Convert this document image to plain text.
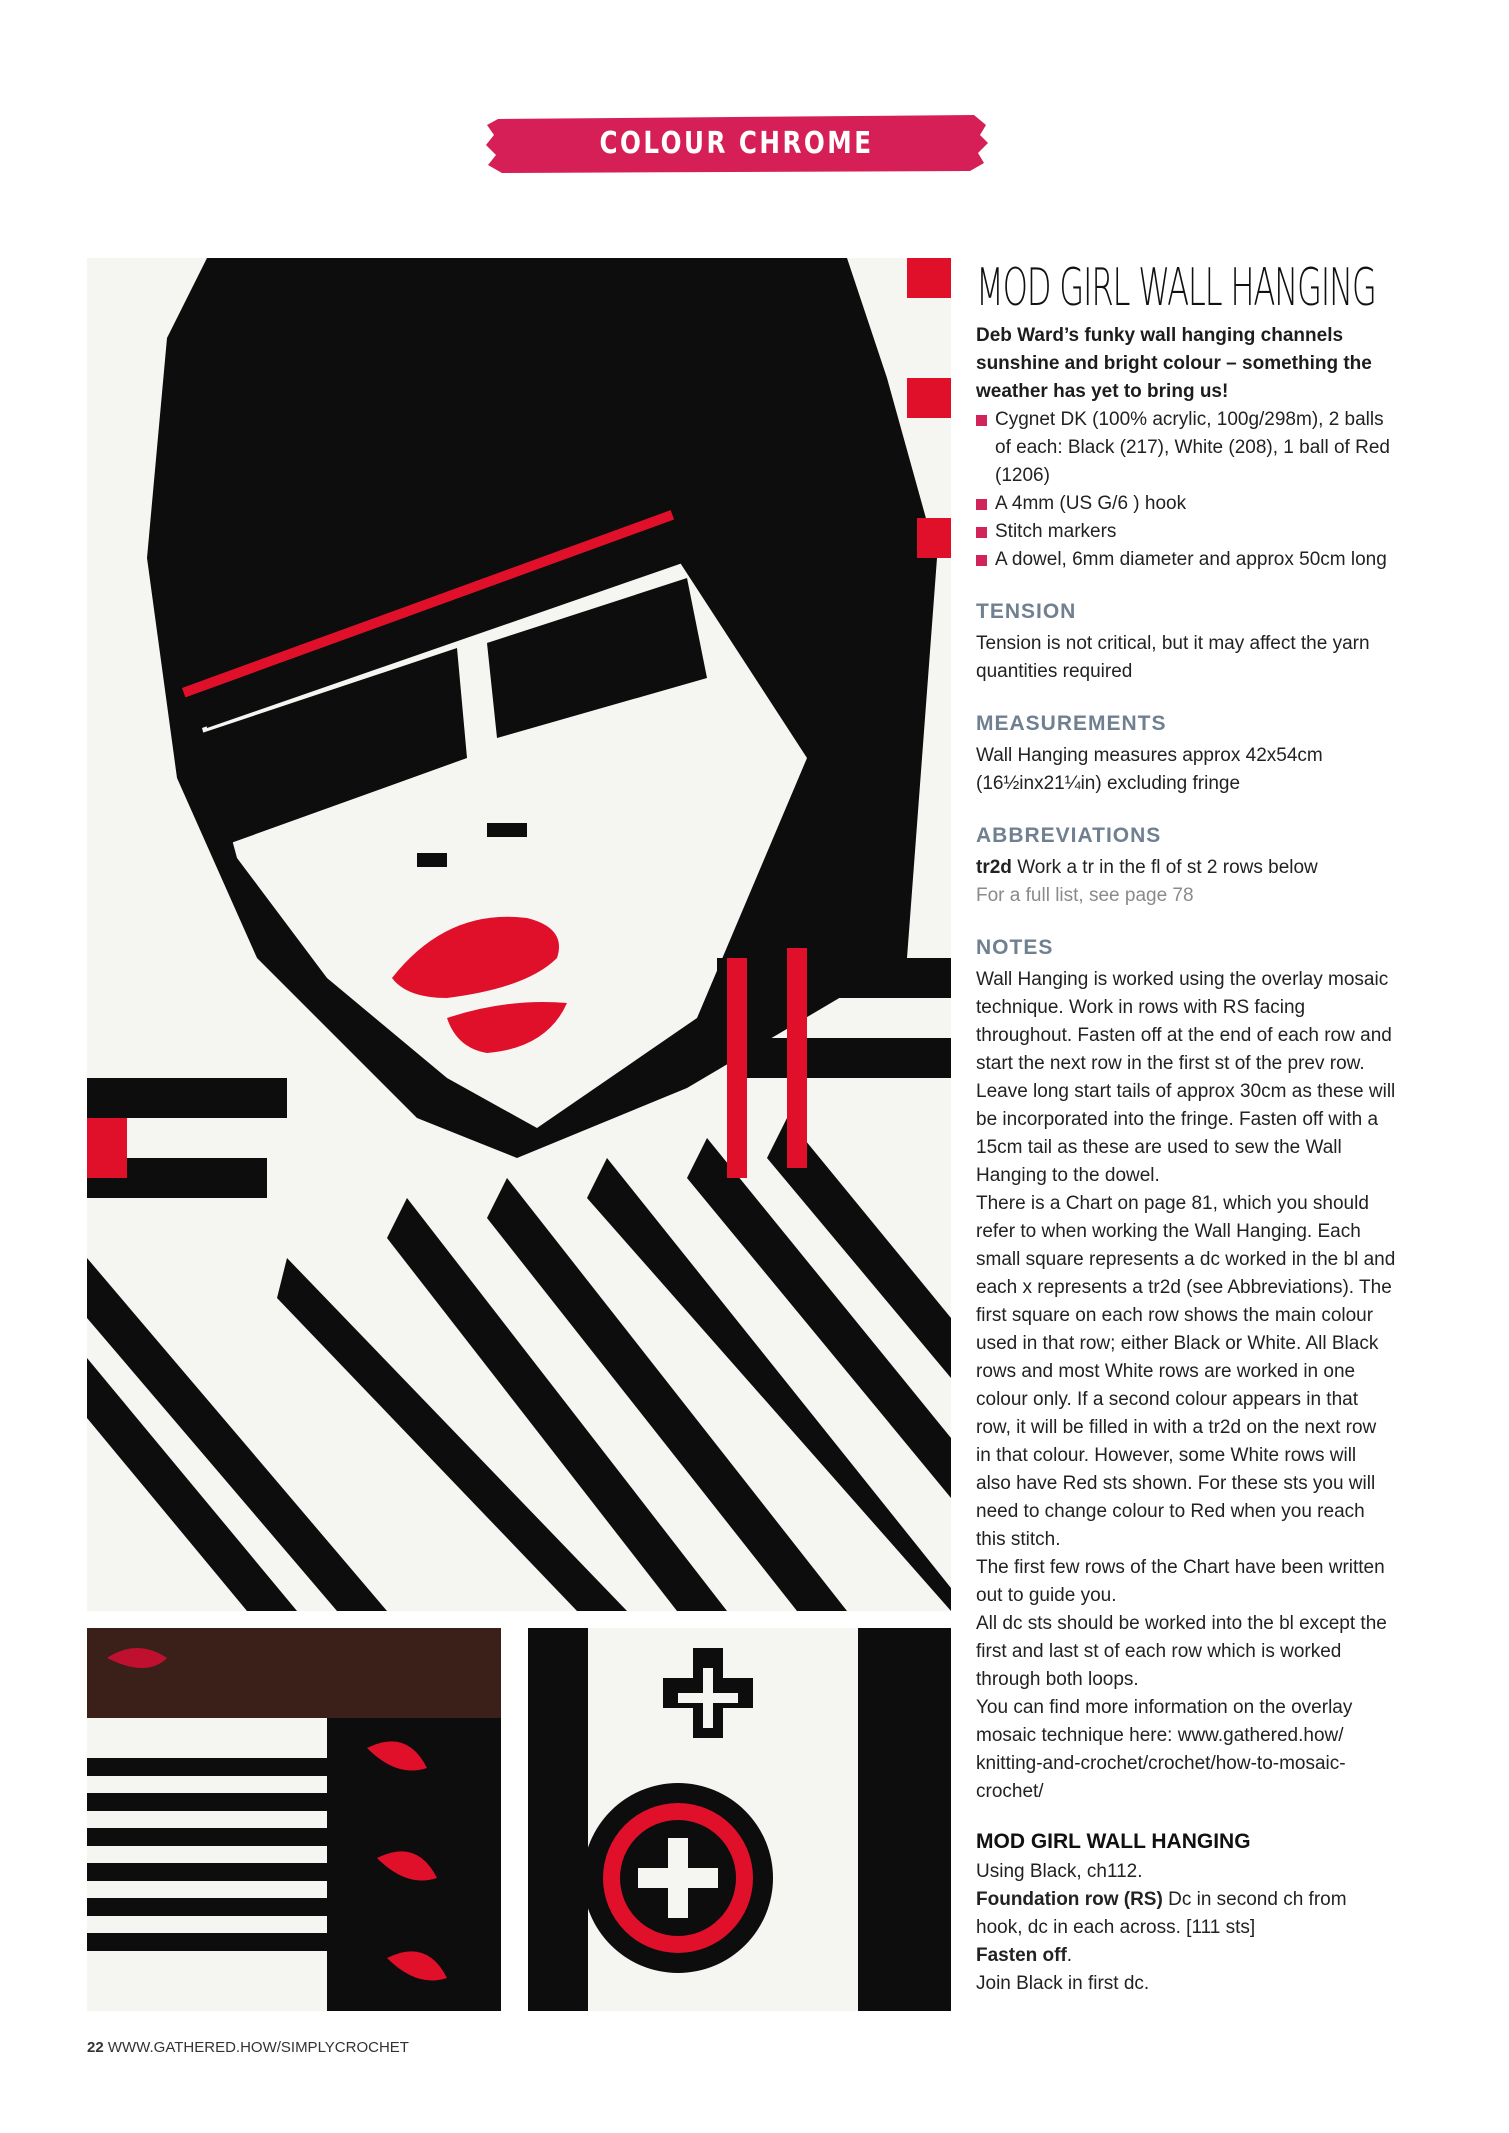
COLOUR CHROME COLLECTION
MOD GIRL WALL HANGING

Deb Ward’s funky wall hanging channels sunshine and bright colour – something the weather has yet to bring us!

Cygnet DK (100% acrylic, 100g/298m), 2 balls of each: Black (217), White (208), 1 ball of Red (1206)
A 4mm (US G/6 ) hook
Stitch markers
A dowel, 6mm diameter and approx 50cm long
TENSION

Tension is not critical, but it may affect the yarn quantities required

MEASUREMENTS

Wall Hanging measures approx 42x54cm (16½inx21¼in) excluding fringe

ABBREVIATIONS

tr2d Work a tr in the fl of st 2 rows below

For a full list, see page 78

NOTES

Wall Hanging is worked using the overlay mosaic technique. Work in rows with RS facing throughout. Fasten off at the end of each row and start the next row in the first st of the prev row. Leave long start tails of approx 30cm as these will be incorporated into the fringe. Fasten off with a 15cm tail as these are used to sew the Wall Hanging to the dowel.

There is a Chart on page 81, which you should refer to when working the Wall Hanging. Each small square represents a dc worked in the bl and each x represents a tr2d (see Abbreviations). The first square on each row shows the main colour used in that row; either Black or White. All Black rows and most White rows are worked in one colour only. If a second colour appears in that row, it will be filled in with a tr2d on the next row in that colour. However, some White rows will also have Red sts shown. For these sts you will need to change colour to Red when you reach this stitch.

The first few rows of the Chart have been written out to guide you.

All dc sts should be worked into the bl except the first and last st of each row which is worked through both loops.

You can find more information on the overlay mosaic technique here: www.gathered.how/ knitting-and-crochet/crochet/how-to-mosaic-crochet/

MOD GIRL WALL HANGING

Using Black, ch112.

Foundation row (RS) Dc in second ch from hook, dc in each across. [111 sts]

Fasten off.

Join Black in first dc.

22 WWW.GATHERED.HOW/SIMPLYCROCHET
